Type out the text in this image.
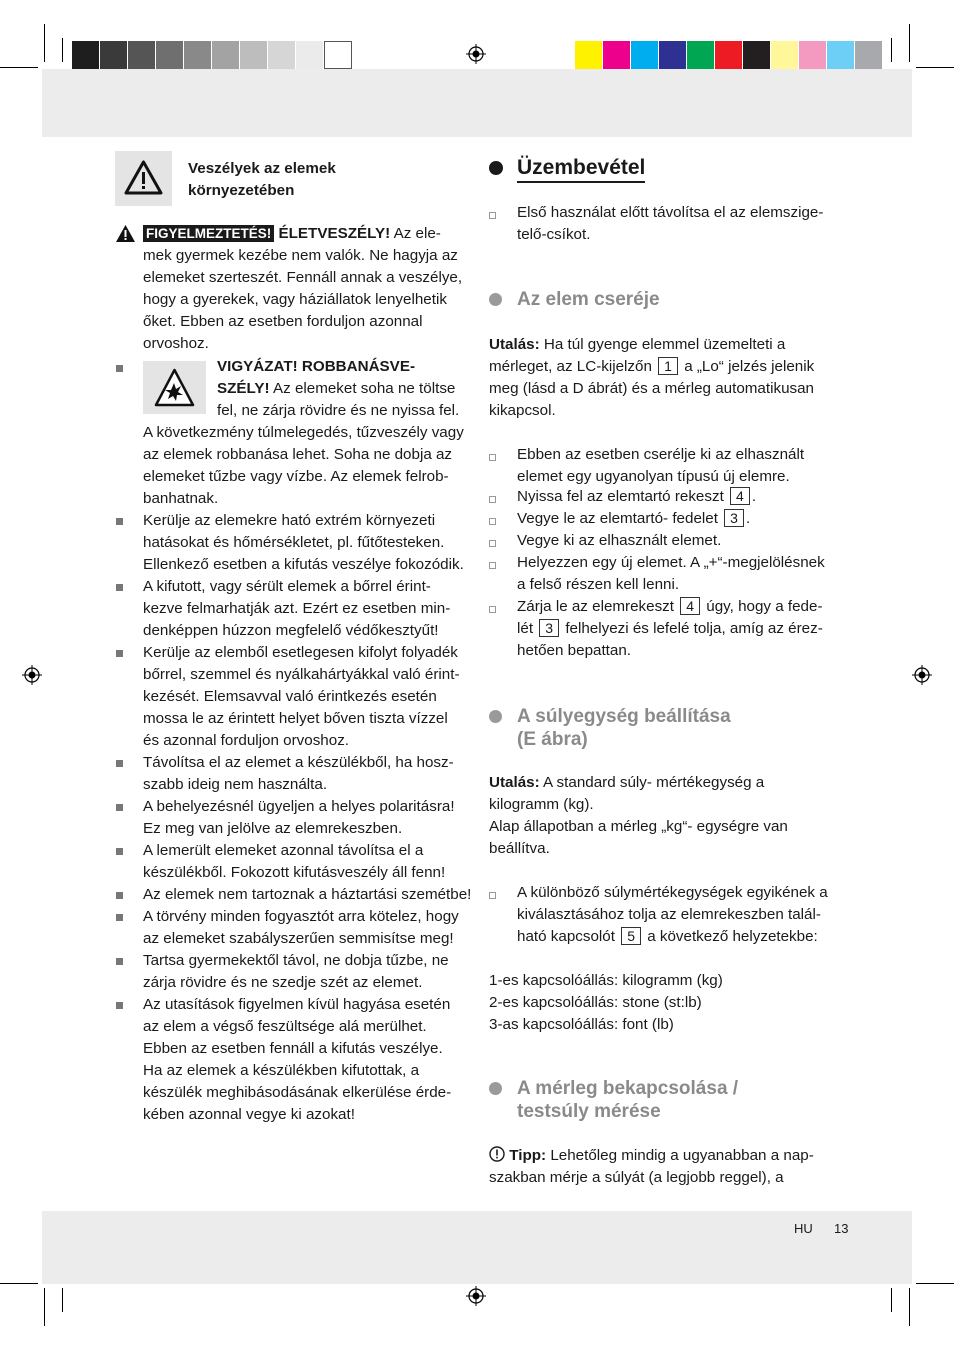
Veszélyek az elemek
környezetében
FIGYELMEZTETÉS! ÉLETVESZÉLY! Az ele-
mek gyermek kezébe nem valók. Ne hagyja az
elemeket szerteszét. Fennáll annak a veszélye,
hogy a gyerekek, vagy háziállatok lenyelhetik
őket. Ebben az esetben forduljon azonnal
orvoshoz.
VIGYÁZAT! ROBBANÁSVE-
SZÉLY! Az elemeket soha ne töltse
fel, ne zárja rövidre és ne nyissa fel.
A következmény túlmelegedés, tűzveszély vagy
az elemek robbanása lehet. Soha ne dobja az
elemeket tűzbe vagy vízbe. Az elemek felrob-
banhatnak.
Kerülje az elemekre ható extrém környezeti
hatásokat és hőmérsékletet, pl. fűtőtesteken.
Ellenkező esetben a kifutás veszélye fokozódik.
A kifutott, vagy sérült elemek a bőrrel érint-
kezve felmarhatják azt. Ezért ez esetben min-
denképpen húzzon megfelelő védőkesztyűt!
Kerülje az elemből esetlegesen kifolyt folyadék
bőrrel, szemmel és nyálkahártyákkal való érint-
kezését. Elemsavval való érintkezés esetén
mossa le az érintett helyet bőven tiszta vízzel
és azonnal forduljon orvoshoz.
Távolítsa el az elemet a készülékből, ha hosz-
szabb ideig nem használta.
A behelyezésnél ügyeljen a helyes polaritásra!
Ez meg van jelölve az elemrekeszben.
A lemerült elemeket azonnal távolítsa el a
készülékből. Fokozott kifutásveszély áll fenn!
Az elemek nem tartoznak a háztartási szemétbe!
A törvény minden fogyasztót arra kötelez, hogy
az elemeket szabályszerűen semmisítse meg!
Tartsa gyermekektől távol, ne dobja tűzbe, ne
zárja rövidre és ne szedje szét az elemet.
Az utasítások figyelmen kívül hagyása esetén
az elem a végső feszültsége alá merülhet.
Ebben az esetben fennáll a kifutás veszélye.
Ha az elemek a készülékben kifutottak, a
készülék meghibásodásának elkerülése érde-
kében azonnal vegye ki azokat!
Üzembevétel
Első használat előtt távolítsa el az elemszige-
telő-csíkot.
Az elem cseréje
Utalás: Ha túl gyenge elemmel üzemelteti a
mérleget, az LC-kijelzőn 1 a „Lo“ jelzés jelenik
meg (lásd a D ábrát) és a mérleg automatikusan
kikapcsol.
Ebben az esetben cserélje ki az elhasznált
elemet egy ugyanolyan típusú új elemre.
Nyissa fel az elemtartó rekeszt 4 .
Vegye le az elemtartó- fedelet 3 .
Vegye ki az elhasznált elemet.
Helyezzen egy új elemet. A „+“-megjelölésnek
a felső részen kell lenni.
Zárja le az elemrekeszt 4 úgy, hogy a fede-
lét 3 felhelyezi és lefelé tolja, amíg az érez-
hetően bepattan.
A súlyegység beállítása
(E ábra)
Utalás: A standard súly- mértékegység a
kilogramm (kg).
Alap állapotban a mérleg „kg“- egységre van
beállítva.
A különböző súlymértékegységek egyikének a
kiválasztásához tolja az elemrekeszben talál-
ható kapcsolót 5 a következő helyzetekbe:
1-es kapcsolóállás: kilogramm (kg)
2-es kapcsolóállás: stone (st:lb)
3-as kapcsolóállás: font (lb)
A mérleg bekapcsolása /
testsúly mérése
Tipp: Lehetőleg mindig a ugyanabban a nap-
szakban mérje a súlyát (a legjobb reggel), a
HU 13
